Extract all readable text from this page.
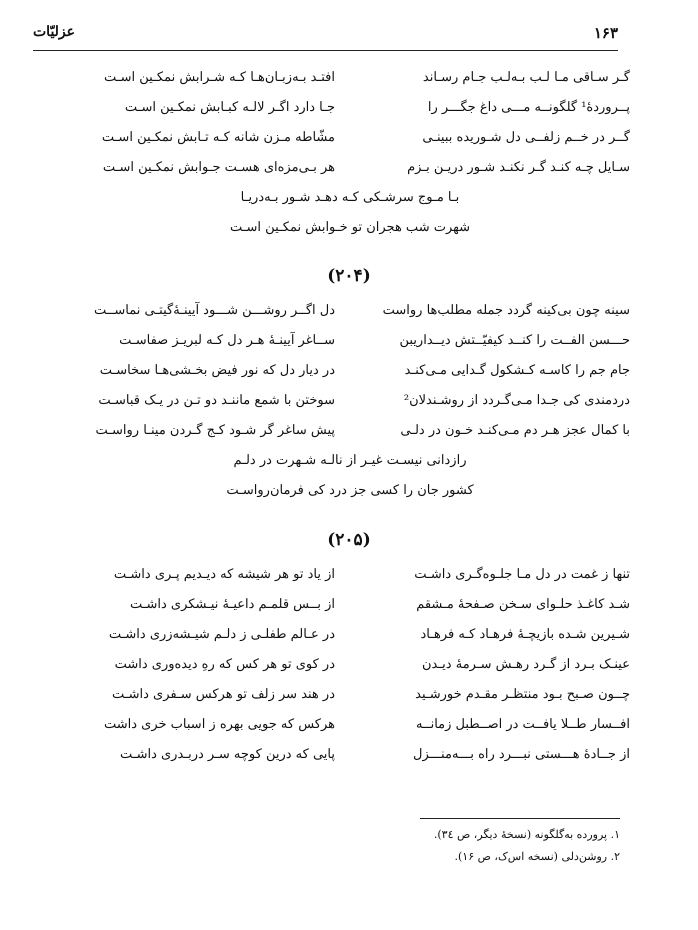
۱۶۳
عزلیّات
گـر سـاقی مـا لـب بـه‌لـب جـام رسـاند
افتـد بـه‌زبـان‌هـا کـه شـرابش نمکـین اسـت
پــروردهٔ¹ گلگونــه مـــی داغ جگـــر را
جـا دارد اگـر لالـه کبـابش نمکـین اسـت
گــر در خــم زلفــی دل شـوریده ببینـی
مشّاطه مـزن شانه کـه تـابش نمکـین اسـت
سـایل چـه کنـد گـر نکنـد شـور دریـن بـزم
هر بـی‌مزه‌ای هسـت جـوابش نمکـین اسـت
بـا مـوج سرشـکی کـه دهـد شـور بـه‌دریـا
شهرت شب هجران تو خـوابش نمکـین اسـت
(۲۰۴)
سینه چون بی‌کینه گردد جمله مطلب‌ها رواست
دل اگــر روشـــن شـــود آیینـهٔ‌گیتـی نماســت
حـــسن الفــت را کنــد کیفیّــتش دیــداریبن
ســاغر آیینـهٔ هـر دل کـه لبریـز صفاسـت
جام جم را کاسـه کـشکول گـدایی مـی‌کنـد
در دیار دل که نور فیض بخـشی‌هـا سخاسـت
دردمندی کی جـدا مـی‌گـردد از روشـندلان²
سوختن با شمع ماننـد دو تـن در یـک قباسـت
با کمال عجز هـر دم مـی‌کنـد خـون در دلـی
پیش ساغر گر شـود کـج گـردن مینـا رواسـت
رازدانی نیسـت غیـر از نالـه شـهرت در دلـم
کشور جان را کسی جز درد کی فرمان‌رواسـت
(۲۰۵)
تنها ز غمت در دل مـا جلـوه‌گـری داشـت
از یاد تو هر شیشه که دیـدیم پـری داشـت
شـد کاغـذ حلـوای سـخن صـفحهٔ مـشقم
از بــس قلمـم داعیـهٔ نیـشکری داشـت
شـیرین شـده بازیچـهٔ فرهـاد کـه فرهـاد
در عـالم طفلـی ز دلـم شیـشه‌زری داشـت
عینـک بـرد از گـرد رهـش سـرمهٔ دیـدن
در کوی تو هر کس که رهِ دیده‌وری داشت
چــون صـبح بـود منتظـر مقـدم خورشـید
در هند سر زلف تو هرکس سـفری داشـت
افــسار طــلا یافــت در اصــطبل زمانــه
هرکس که جویی بهره ز اسباب خری داشت
از جــادهٔ هـــستی نبـــرد راه بـــه‌منـــزل
پایی که درین کوچه سـر دربـدری داشـت
۱. پرورده به‌گلگونه (نسخهٔ دیگر، ص ٣٤).
۲. روشن‌دلی (نسخه اس‌ک، ص ۱۶).
